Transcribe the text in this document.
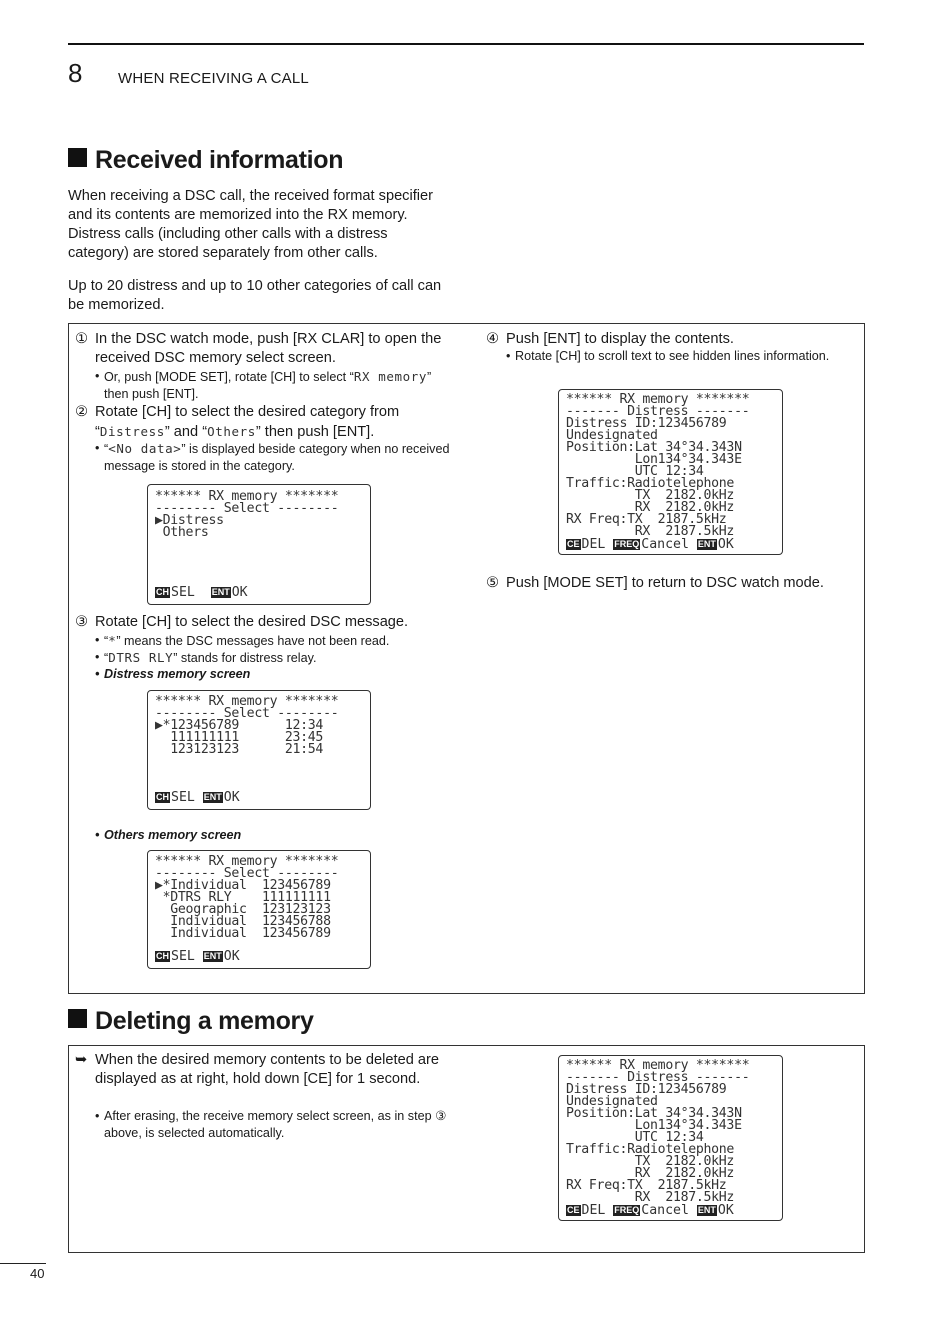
8 WHEN RECEIVING A CALL
Received information

When receiving a DSC call, the received format specifier and its contents are memorized into the RX memory. Distress calls (including other calls with a distress category) are stored separately from other calls.

Up to 20 distress and up to 10 other categories of call can be memorized.

① In the DSC watch mode, push [RX CLAR] to open the received DSC memory select screen.
• Or, push [MODE SET], rotate [CH] to select “RX memory” then push [ENT].
② Rotate [CH] to select the desired category from “Distress” and “Others” then push [ENT].
• “<No data>” is displayed beside category when no received message is stored in the category.
****** RX memory *******
-------- Select --------
▶Distress
Others
CH SEL ENT OK
③ Rotate [CH] to select the desired DSC message.
• “*” means the DSC messages have not been read.
• “DTRS RLY” stands for distress relay.
• Distress memory screen
****** RX memory *******
-------- Select --------
▶*123456789      12:34
111111111      23:45
123123123      21:54
CH SEL ENT OK
• Others memory screen
****** RX memory *******
-------- Select --------
▶*Individual  123456789
*DTRS RLY    111111111
Geographic  123123123
Individual  123456788
Individual  123456789
CH SEL ENT OK
④ Push [ENT] to display the contents.
• Rotate [CH] to scroll text to see hidden lines information.
****** RX memory *******
------- Distress -------
Distress ID:123456789
Undesignated
Position:Lat 34°34.343N
Lon134°34.343E
UTC 12:34
Traffic:Radiotelephone
TX  2182.0kHz
RX  2182.0kHz
RX Freq:TX  2187.5kHz
RX  2187.5kHz
CE DEL FREQ Cancel ENT OK
⑤ Push [MODE SET] to return to DSC watch mode.
Deleting a memory
➥ When the desired memory contents to be deleted are displayed as at right, hold down [CE] for 1 second.
• After erasing, the receive memory select screen, as in step ③ above, is selected automatically.
****** RX memory *******
------- Distress -------
Distress ID:123456789
Undesignated
Position:Lat 34°34.343N
Lon134°34.343E
UTC 12:34
Traffic:Radiotelephone
TX  2182.0kHz
RX  2182.0kHz
RX Freq:TX  2187.5kHz
RX  2187.5kHz
CE DEL FREQ Cancel ENT OK
40
